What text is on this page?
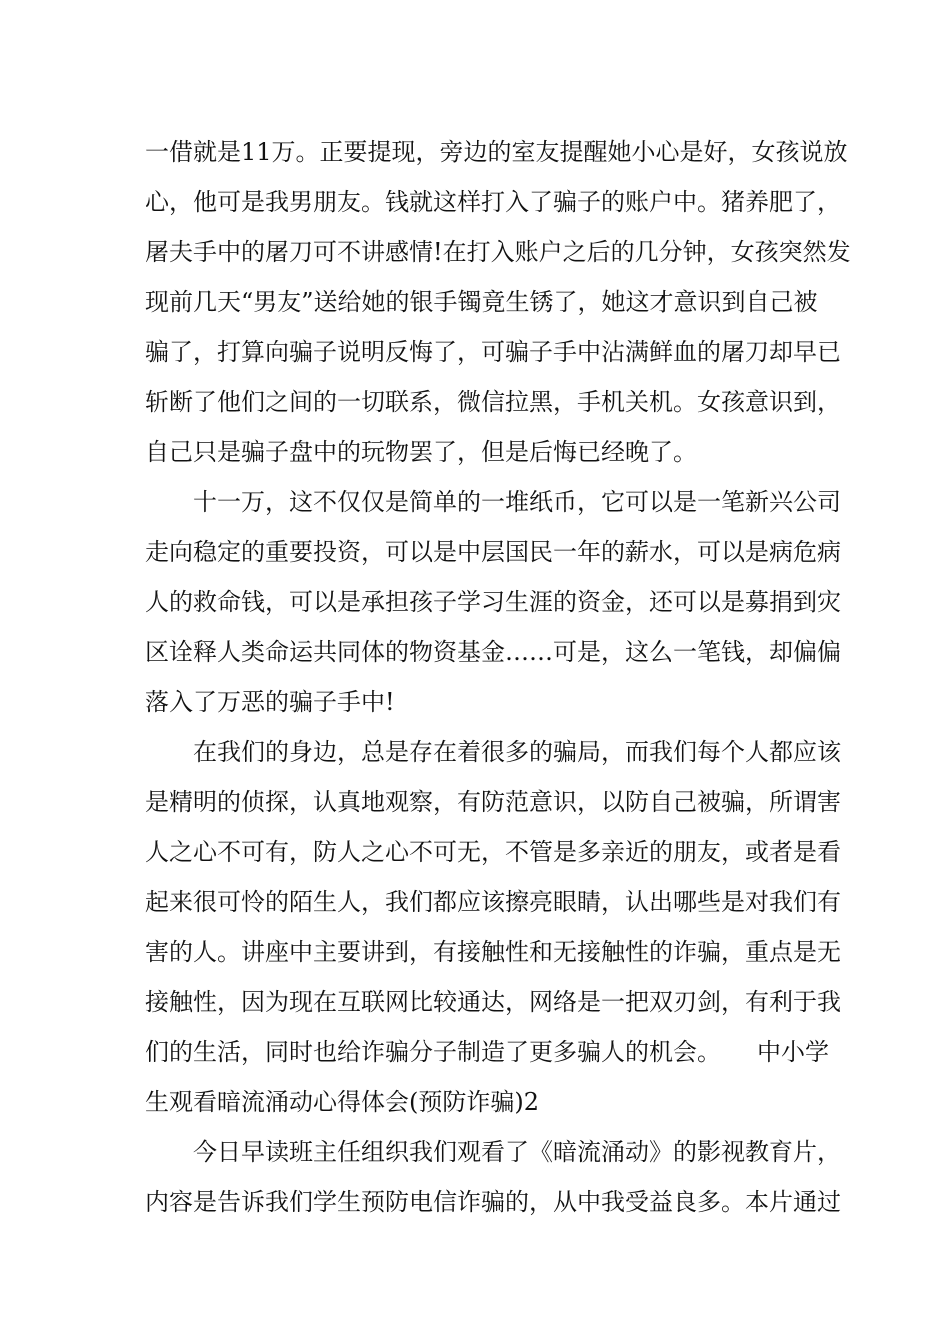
一借就是11万。正要提现，旁边的室友提醒她小心是好，女孩说放
心，他可是我男朋友。钱就这样打入了骗子的账户中。猪养肥了，
屠夫手中的屠刀可不讲感情!在打入账户之后的几分钟，女孩突然发
现前几天“男友”送给她的银手镯竟生锈了，她这才意识到自己被
骗了，打算向骗子说明反悔了，可骗子手中沾满鲜血的屠刀却早已
斩断了他们之间的一切联系，微信拉黑，手机关机。女孩意识到，
自己只是骗子盘中的玩物罢了，但是后悔已经晚了。
十一万，这不仅仅是简单的一堆纸币，它可以是一笔新兴公司
走向稳定的重要投资，可以是中层国民一年的薪水，可以是病危病
人的救命钱，可以是承担孩子学习生涯的资金，还可以是募捐到灾
区诠释人类命运共同体的物资基金……可是，这么一笔钱，却偏偏
落入了万恶的骗子手中!
在我们的身边，总是存在着很多的骗局，而我们每个人都应该
是精明的侦探，认真地观察，有防范意识，以防自己被骗，所谓害
人之心不可有，防人之心不可无，不管是多亲近的朋友，或者是看
起来很可怜的陌生人，我们都应该擦亮眼睛，认出哪些是对我们有
害的人。讲座中主要讲到，有接触性和无接触性的诈骗，重点是无
接触性，因为现在互联网比较通达，网络是一把双刃剑，有利于我
们的生活，同时也给诈骗分子制造了更多骗人的机会。　　中小学
生观看暗流涌动心得体会(预防诈骗)2
今日早读班主任组织我们观看了《暗流涌动》的影视教育片，
内容是告诉我们学生预防电信诈骗的，从中我受益良多。本片通过
